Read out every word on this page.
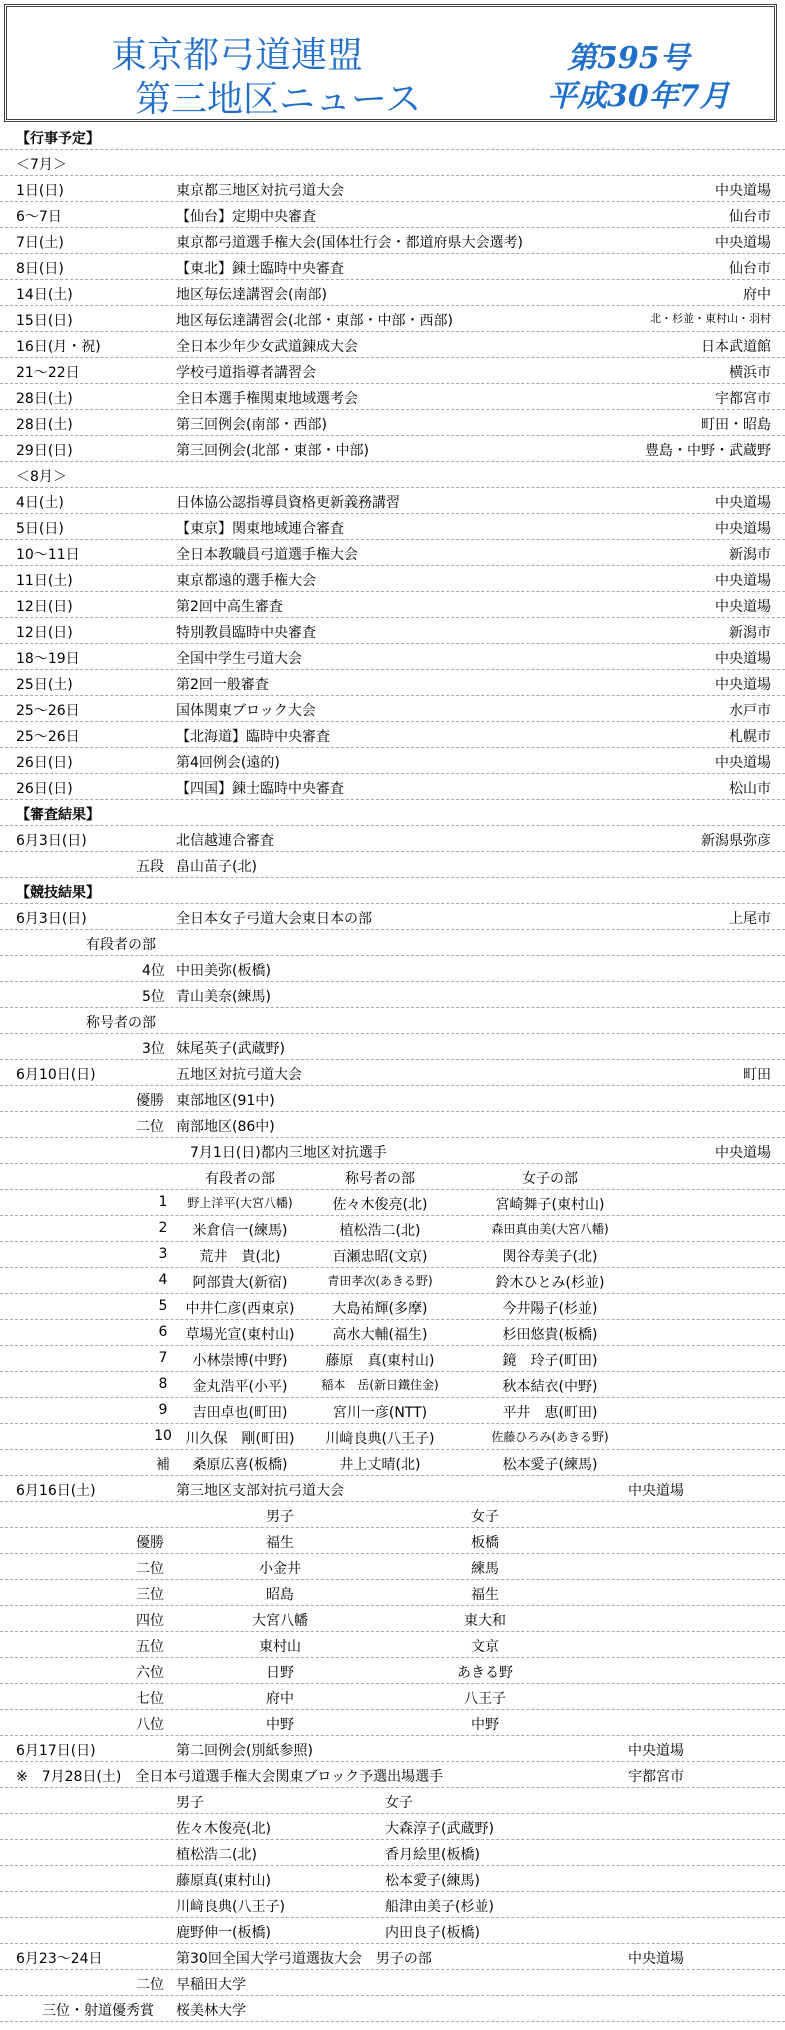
東京都弓道連盟
第三地区ニュース
第595号
平成30年7月
【行事予定】
＜7月＞
1日(日)	東京都三地区対抗弓道大会	中央道場
6～7日	【仙台】定期中央審査	仙台市
7日(土)	東京都弓道選手権大会(国体壮行会・都道府県大会選考)	中央道場
8日(日)	【東北】錬士臨時中央審査	仙台市
14日(土)	地区毎伝達講習会(南部)	府中
15日(日)	地区毎伝達講習会(北部・東部・中部・西部)	北・杉並・東村山・羽村
16日(月・祝)	全日本少年少女武道錬成大会	日本武道館
21～22日	学校弓道指導者講習会	横浜市
28日(土)	全日本選手権関東地域選考会	宇都宮市
28日(土)	第三回例会(南部・西部)	町田・昭島
29日(日)	第三回例会(北部・東部・中部)	豊島・中野・武蔵野
＜8月＞
4日(土)	日体協公認指導員資格更新義務講習	中央道場
5日(日)	【東京】関東地域連合審査	中央道場
10～11日	全日本教職員弓道選手権大会	新潟市
11日(土)	東京都遠的選手権大会	中央道場
12日(日)	第2回中高生審査	中央道場
12日(日)	特別教員臨時中央審査	新潟市
18～19日	全国中学生弓道大会	中央道場
25日(土)	第2回一般審査	中央道場
25～26日	国体関東ブロック大会	水戸市
25～26日	【北海道】臨時中央審査	札幌市
26日(日)	第4回例会(遠的)	中央道場
26日(日)	【四国】錬士臨時中央審査	松山市
【審査結果】
6月3日(日)	北信越連合審査	新潟県弥彦
五段 畠山苗子(北)
【競技結果】
6月3日(日)	全日本女子弓道大会東日本の部	上尾市
有段者の部
4位 中田美弥(板橋)
5位 青山美奈(練馬)
称号者の部
3位 妹尾英子(武蔵野)
6月10日(日)	五地区対抗弓道大会	町田
優勝 東部地区(91中)
二位 南部地区(86中)
7月1日(日)都内三地区対抗選手	中央道場
有段者の部	称号者の部	女子の部
1 野上洋平(大宮八幡)	佐々木俊亮(北)	宮崎舞子(東村山)
2 米倉信一(練馬)	植松浩二(北)	森田真由美(大宮八幡)
3 荒井　貴(北)	百瀬忠昭(文京)	関谷寿美子(北)
4 阿部貴大(新宿)	青田孝次(あきる野)	鈴木ひとみ(杉並)
5 中井仁彦(西東京)	大島祐輝(多摩)	今井陽子(杉並)
6 草場光宣(東村山)	高水大輔(福生)	杉田悠貴(板橋)
7 小林崇博(中野)	藤原　真(東村山)	鏡　玲子(町田)
8 金丸浩平(小平)	稲本　岳(新日鐵住金)	秋本結衣(中野)
9 吉田卓也(町田)	宮川一彦(NTT)	平井　恵(町田)
10 川久保　剛(町田) 川﨑良典(八王子)	佐藤ひろみ(あきる野)
補 桑原広喜(板橋)	井上丈晴(北)	松本愛子(練馬)
6月16日(土)	第三地区支部対抗弓道大会	中央道場
男子	女子
優勝	福生	板橋
二位	小金井	練馬
三位	昭島	福生
四位	大宮八幡	東大和
五位	東村山	文京
六位	日野	あきる野
七位	府中	八王子
八位	中野	中野
6月17日(日)	第二回例会(別紙参照)	中央道場
※　7月28日(土)　全日本弓道選手権大会関東ブロック予選出場選手	宇都宮市
男子	女子
佐々木俊亮(北)	大森淳子(武蔵野)
植松浩二(北)	香月絵里(板橋)
藤原真(東村山)	松本愛子(練馬)
川﨑良典(八王子)	船津由美子(杉並)
鹿野伸一(板橋)	内田良子(板橋)
6月23～24日	第30回全国大学弓道選抜大会　男子の部	中央道場
二位 早稲田大学
三位・射道優秀賞 桜美林大学
